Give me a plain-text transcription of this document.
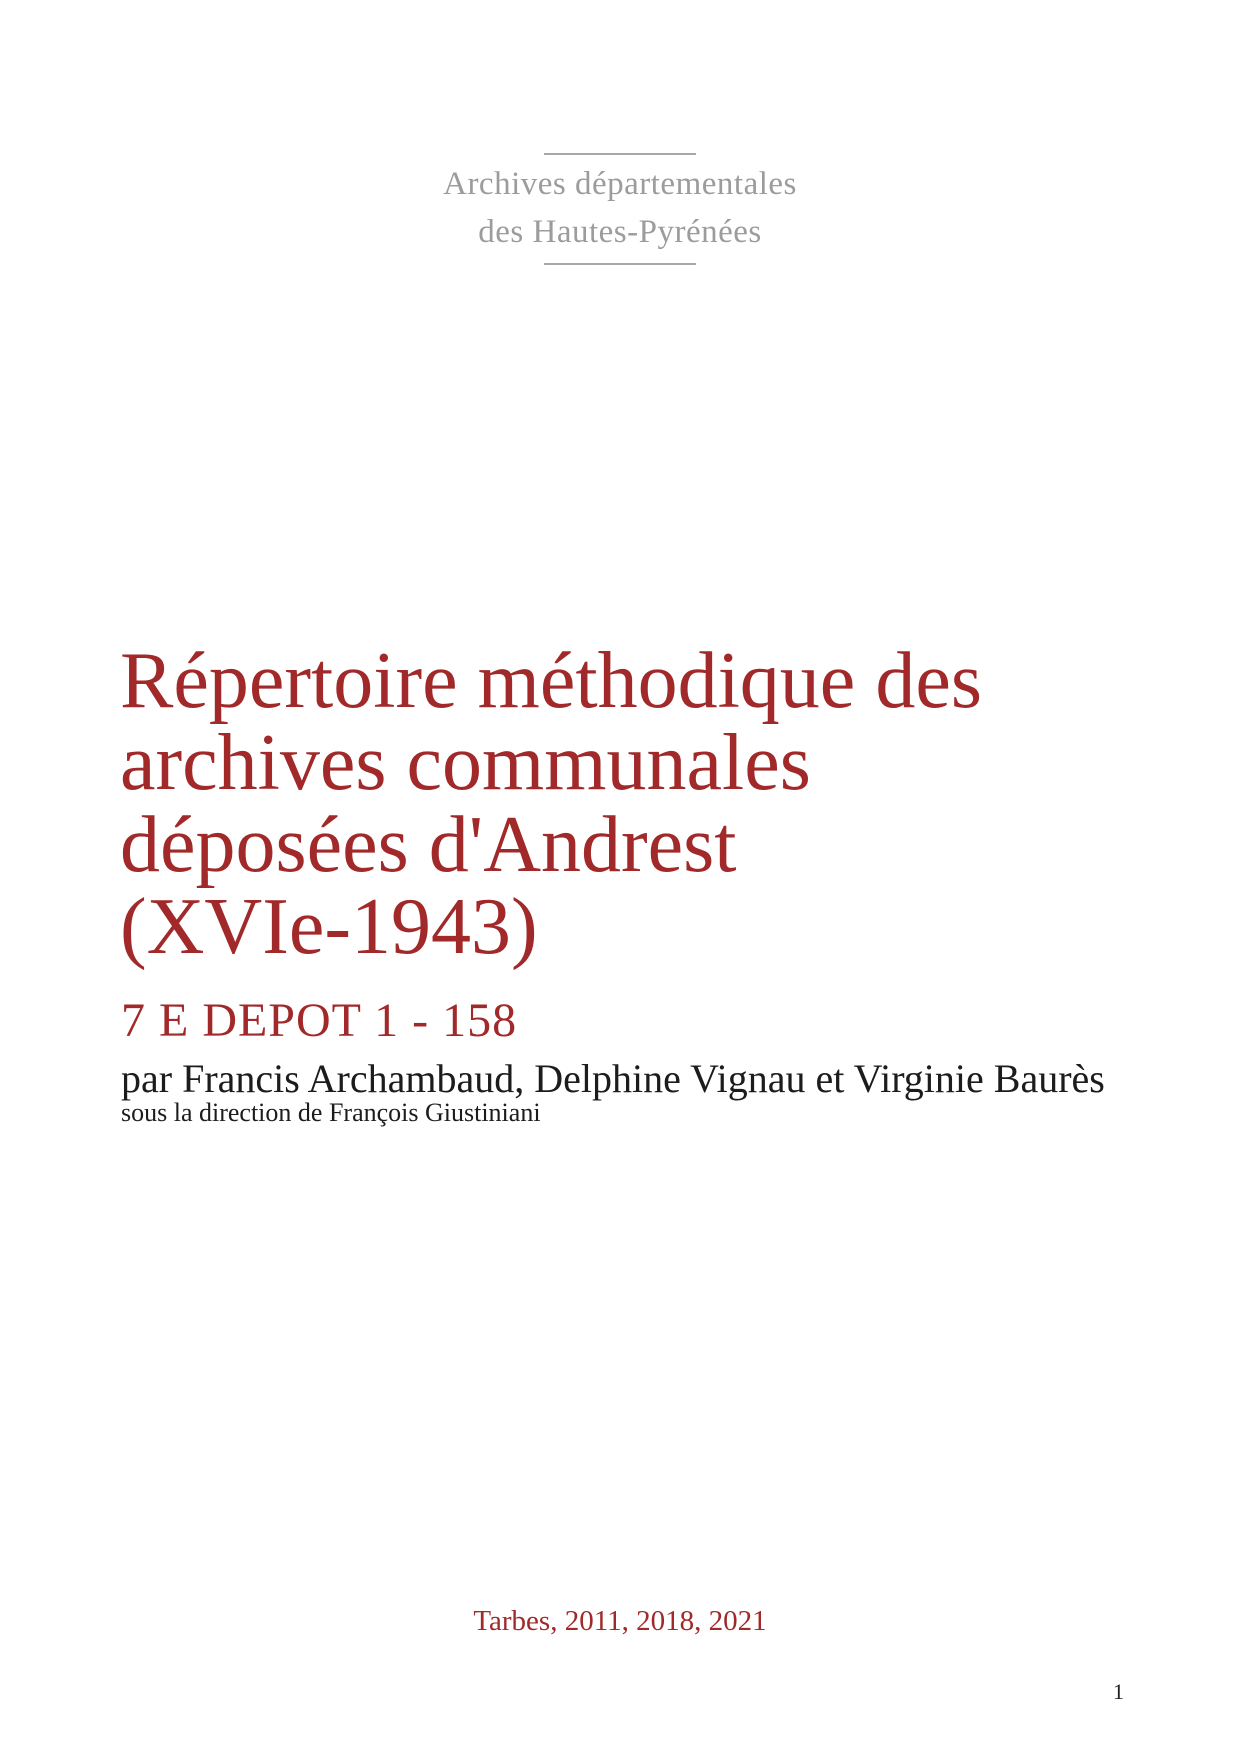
Archives départementales
des Hautes-Pyrénées
Répertoire méthodique des
archives communales
déposées d'Andrest
(XVIe-1943)
7 E DEPOT 1 - 158
par Francis Archambaud, Delphine Vignau et Virginie Baurès
sous la direction de François Giustiniani
Tarbes, 2011, 2018, 2021
1
